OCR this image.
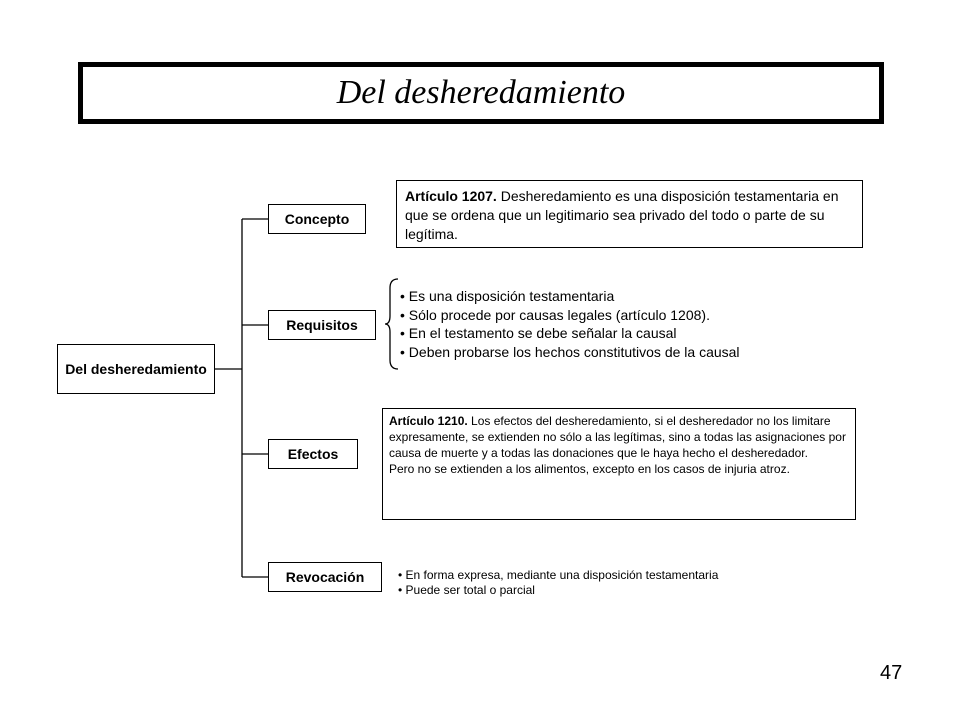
Del desheredamiento
Del desheredamiento
Concepto
Requisitos
Efectos
Revocación
Artículo 1207. Desheredamiento es una disposición testamentaria en que se ordena que un legitimario sea privado del todo o parte de su legítima.
• Es una disposición testamentaria
• Sólo procede por causas legales (artículo 1208).
• En el testamento se debe señalar la causal
• Deben probarse los hechos constitutivos de la causal

Artículo 1210. Los efectos del desheredamiento, si el desheredador no los limitare expresamente, se extienden no sólo a las legítimas, sino a todas las asignaciones por causa de muerte y a todas las donaciones que le haya hecho el desheredador.

Pero no se extienden a los alimentos, excepto en los casos de injuria atroz.

• En forma expresa, mediante una disposición testamentaria
• Puede ser total o parcial
47
